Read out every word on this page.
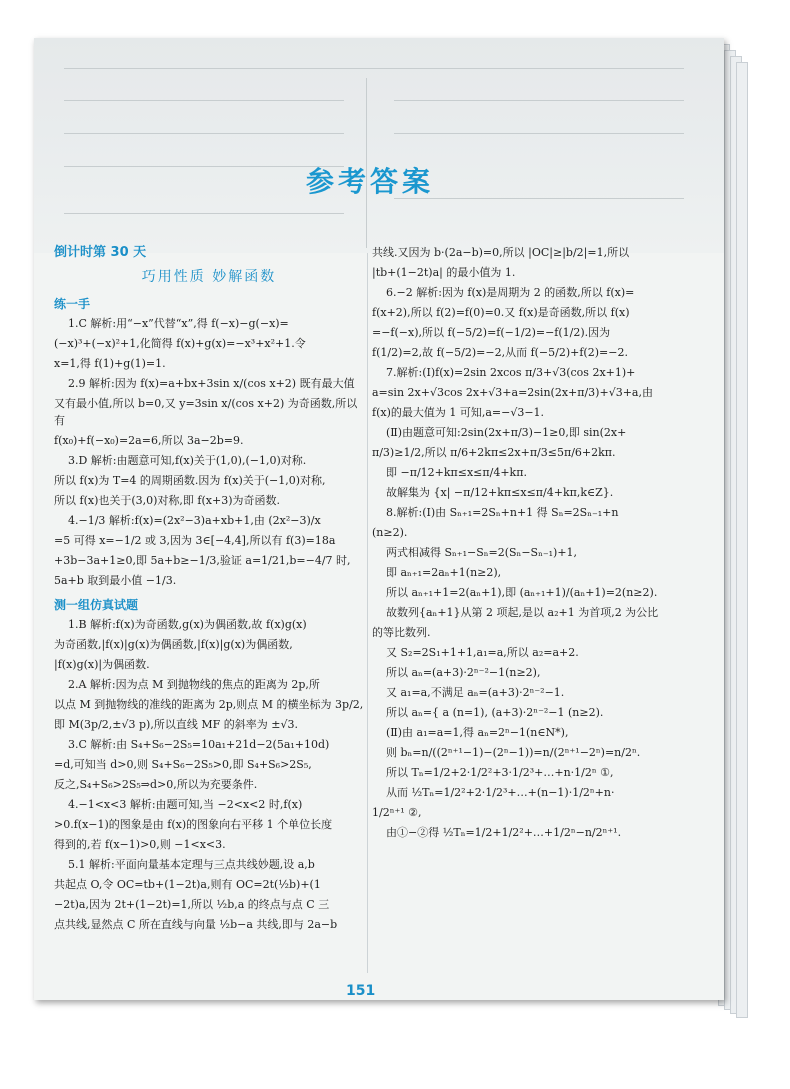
参考答案
倒计时第 30 天
巧用性质 妙解函数
练一手

1.C 解析:用“−x”代替“x”,得 f(−x)−g(−x)=

(−x)³+(−x)²+1,化简得 f(x)+g(x)=−x³+x²+1.令

x=1,得 f(1)+g(1)=1.

2.9 解析:因为 f(x)=a+bx+3sin x/(cos x+2) 既有最大值

又有最小值,所以 b=0,又 y=3sin x/(cos x+2) 为奇函数,所以有

f(x₀)+f(−x₀)=2a=6,所以 3a−2b=9.

3.D 解析:由题意可知,f(x)关于(1,0),(−1,0)对称.

所以 f(x)为 T=4 的周期函数.因为 f(x)关于(−1,0)对称,

所以 f(x)也关于(3,0)对称,即 f(x+3)为奇函数.

4.−1/3 解析:f(x)=(2x²−3)a+xb+1,由 (2x²−3)/x

=5 可得 x=−1/2 或 3,因为 3∈[−4,4],所以有 f(3)=18a

+3b−3a+1≥0,即 5a+b≥−1/3,验证 a=1/21,b=−4/7 时,

5a+b 取到最小值 −1/3.

测一组仿真试题

1.B 解析:f(x)为奇函数,g(x)为偶函数,故 f(x)g(x)

为奇函数,|f(x)|g(x)为偶函数,|f(x)|g(x)为偶函数,

|f(x)g(x)|为偶函数.

2.A 解析:因为点 M 到抛物线的焦点的距离为 2p,所

以点 M 到抛物线的准线的距离为 2p,则点 M 的横坐标为 3p/2,

即 M(3p/2,±√3 p),所以直线 MF 的斜率为 ±√3.

3.C 解析:由 S₄+S₆−2S₅=10a₁+21d−2(5a₁+10d)

=d,可知当 d>0,则 S₄+S₆−2S₅>0,即 S₄+S₆>2S₅,

反之,S₄+S₆>2S₅⇒d>0,所以为充要条件.

4.−1<x<3 解析:由题可知,当 −2<x<2 时,f(x)

>0.f(x−1)的图象是由 f(x)的图象向右平移 1 个单位长度

得到的,若 f(x−1)>0,则 −1<x<3.

5.1 解析:平面向量基本定理与三点共线妙题,设 a,b

共起点 O,令 OC=tb+(1−2t)a,则有 OC=2t(½b)+(1

−2t)a,因为 2t+(1−2t)=1,所以 ½b,a 的终点与点 C 三

点共线,显然点 C 所在直线与向量 ½b−a 共线,即与 2a−b

共线.又因为 b·(2a−b)=0,所以 |OC|≥|b/2|=1,所以

|tb+(1−2t)a| 的最小值为 1.

6.−2 解析:因为 f(x)是周期为 2 的函数,所以 f(x)=

f(x+2),所以 f(2)=f(0)=0.又 f(x)是奇函数,所以 f(x)

=−f(−x),所以 f(−5/2)=f(−1/2)=−f(1/2).因为

f(1/2)=2,故 f(−5/2)=−2,从而 f(−5/2)+f(2)=−2.

7.解析:(Ⅰ)f(x)=2sin 2xcos π/3+√3(cos 2x+1)+

a=sin 2x+√3cos 2x+√3+a=2sin(2x+π/3)+√3+a,由

f(x)的最大值为 1 可知,a=−√3−1.

(Ⅱ)由题意可知:2sin(2x+π/3)−1≥0,即 sin(2x+

π/3)≥1/2,所以 π/6+2kπ≤2x+π/3≤5π/6+2kπ.

即 −π/12+kπ≤x≤π/4+kπ.

故解集为 {x| −π/12+kπ≤x≤π/4+kπ,k∈Z}.

8.解析:(Ⅰ)由 Sₙ₊₁=2Sₙ+n+1 得 Sₙ=2Sₙ₋₁+n

(n≥2).

两式相减得 Sₙ₊₁−Sₙ=2(Sₙ−Sₙ₋₁)+1,

即 aₙ₊₁=2aₙ+1(n≥2),

所以 aₙ₊₁+1=2(aₙ+1),即 (aₙ₊₁+1)/(aₙ+1)=2(n≥2).

故数列{aₙ+1}从第 2 项起,是以 a₂+1 为首项,2 为公比

的等比数列.

又 S₂=2S₁+1+1,a₁=a,所以 a₂=a+2.

所以 aₙ=(a+3)·2ⁿ⁻²−1(n≥2),

又 a₁=a,不满足 aₙ=(a+3)·2ⁿ⁻²−1.

所以 aₙ={ a (n=1), (a+3)·2ⁿ⁻²−1 (n≥2).

(Ⅱ)由 a₁=a=1,得 aₙ=2ⁿ−1(n∈N*),

则 bₙ=n/((2ⁿ⁺¹−1)−(2ⁿ−1))=n/(2ⁿ⁺¹−2ⁿ)=n/2ⁿ.

所以 Tₙ=1/2+2·1/2²+3·1/2³+…+n·1/2ⁿ ①,

从而 ½Tₙ=1/2²+2·1/2³+…+(n−1)·1/2ⁿ+n·

1/2ⁿ⁺¹ ②,

由①−②得 ½Tₙ=1/2+1/2²+…+1/2ⁿ−n/2ⁿ⁺¹.

151
